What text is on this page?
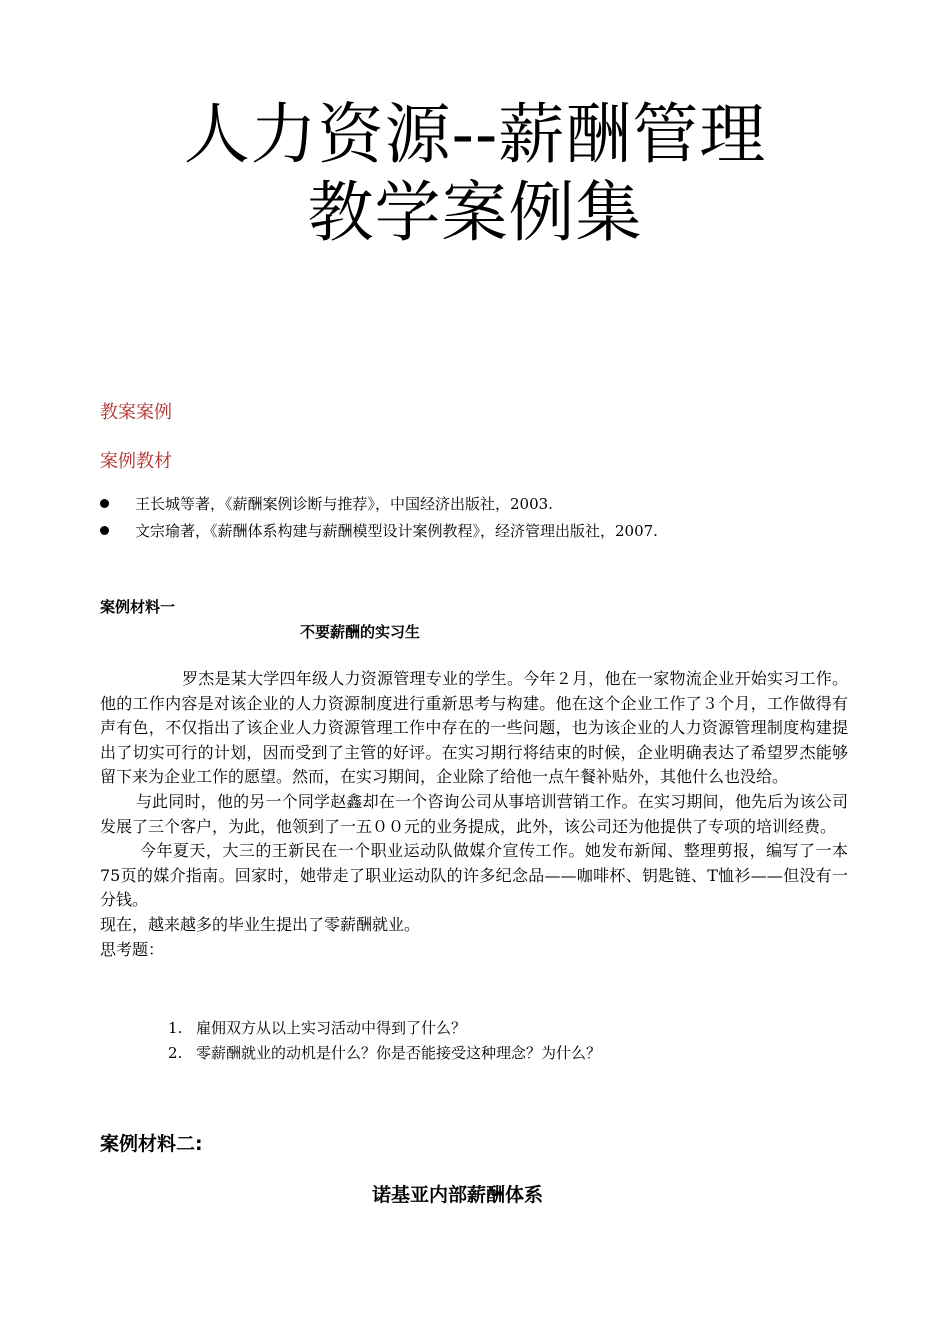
人力资源--薪酬管理
教学案例集
教案案例
案例教材
王长城等著，《薪酬案例诊断与推荐》，中国经济出版社，2003.
文宗瑜著，《薪酬体系构建与薪酬模型设计案例教程》，经济管理出版社，2007.
案例材料一
不要薪酬的实习生

罗杰是某大学四年级人力资源管理专业的学生。今年２月，他在一家物流企业开始实习工作。他的工作内容是对该企业的人力资源制度进行重新思考与构建。他在这个企业工作了３个月，工作做得有声有色，不仅指出了该企业人力资源管理工作中存在的一些问题，也为该企业的人力资源管理制度构建提出了切实可行的计划，因而受到了主管的好评。在实习期行将结束的时候，企业明确表达了希望罗杰能够留下来为企业工作的愿望。然而，在实习期间，企业除了给他一点午餐补贴外，其他什么也没给。

与此同时，他的另一个同学赵鑫却在一个咨询公司从事培训营销工作。在实习期间，他先后为该公司发展了三个客户，为此，他领到了一五００元的业务提成，此外，该公司还为他提供了专项的培训经费。

今年夏天，大三的王新民在一个职业运动队做媒介宣传工作。她发布新闻、整理剪报，编写了一本75页的媒介指南。回家时，她带走了职业运动队的许多纪念品——咖啡杯、钥匙链、T恤衫——但没有一分钱。

现在，越来越多的毕业生提出了零薪酬就业。

思考题：

1. 雇佣双方从以上实习活动中得到了什么？
2. 零薪酬就业的动机是什么？你是否能接受这种理念？为什么？
案例材料二:
诺基亚内部薪酬体系
